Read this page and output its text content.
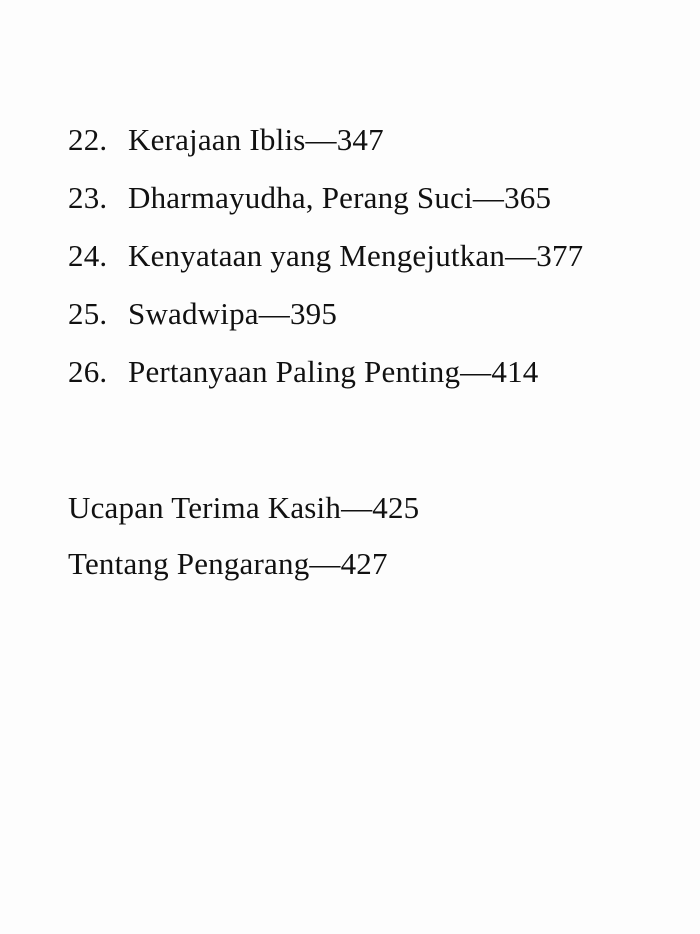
22. Kerajaan Iblis — 347
23. Dharmayudha, Perang Suci — 365
24. Kenyataan yang Mengejutkan — 377
25. Swadwipa — 395
26. Pertanyaan Paling Penting — 414
Ucapan Terima Kasih — 425
Tentang Pengarang — 427
